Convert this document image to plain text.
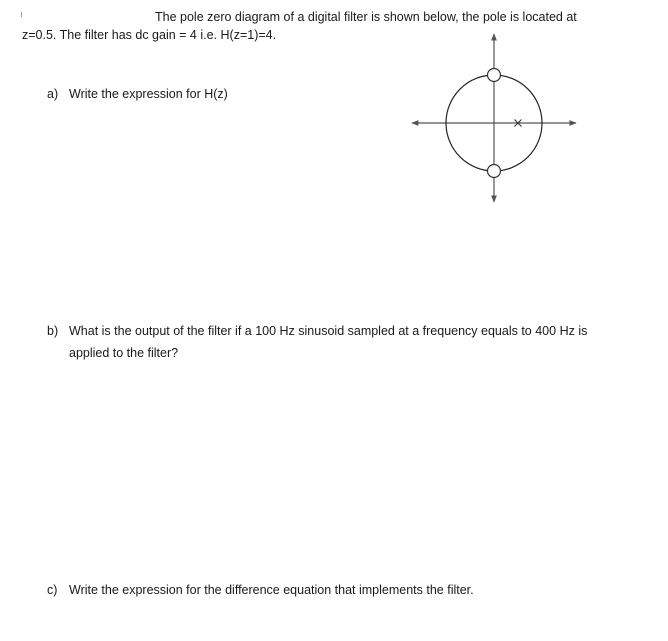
The pole zero diagram of a digital filter is shown below, the pole is located at
z=0.5. The filter has dc gain = 4 i.e. H(z=1)=4.
a) Write the expression for H(z)
b) What is the output of the filter if a 100 Hz sinusoid sampled at a frequency equals to 400 Hz is
applied to the filter?
c) Write the expression for the difference equation that implements the filter.
